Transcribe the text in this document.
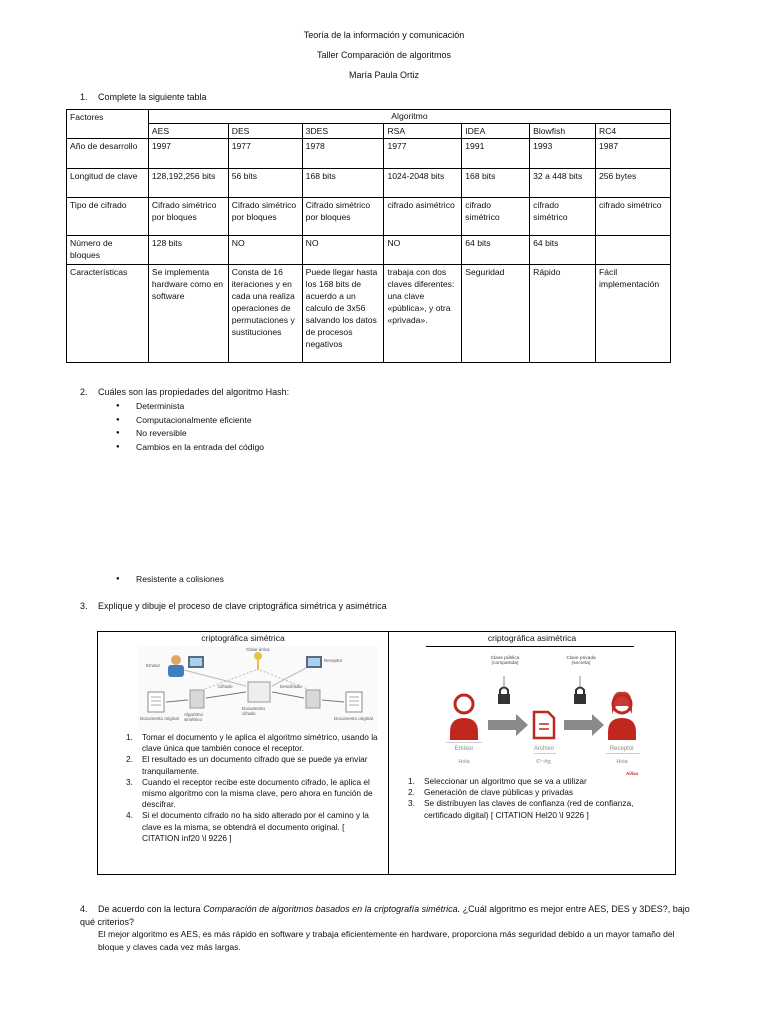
Teoría de la información y comunicación
Taller Comparación de algoritmos
María Paula Ortiz
1. Complete la siguiente tabla
Factores	Algoritmo						
	AES	DES	3DES	RSA	IDEA	Blowfish	RC4
Año de desarrollo	1997	1977	1978	1977	1991	1993	1987
Longitud de clave	128,192,256 bits	56 bits	168 bits	1024-2048 bits	168 bits	32 a 448 bits	256 bytes
Tipo de cifrado	Cifrado simétrico por bloques	Cifrado simétrico por bloques	Cifrado simétrico por bloques	cifrado asimétrico	cifrado simétrico	cifrado simétrico	cifrado simétrico
Número de bloques	128 bits	NO	NO	NO	64 bits	64 bits	
Características	Se implementa hardware como en software	Consta de 16 iteraciones y en cada una realiza operaciones de permutaciones y sustituciones	Puede llegar hasta los 168 bits de acuerdo a un calculo de 3x56 salvando los datos de procesos negativos	trabaja con dos claves diferentes: una clave «pública», y otra «privada».	Seguridad	Rápido	Fácil implementación
2. Cuáles son las propiedades del algoritmo Hash:
● Determinista
● Computacionalmente eficiente
● No reversible
● Cambios en la entrada del código
● Resistente a colisiones
3. Explique y dibuje el proceso de clave criptográfica simétrica y asimétrica
criptográfica simétrica	criptográfica asimétrica
Emisor
Receptor
Clave única
Cifrado	Descifrado
Documento original
Algoritmo simétrico
Documento cifrado
Documento original
Clave pública (compartida)
Clave privada (secreta)
Emisor	Archivo	Receptor
Hola	€!~#g;	Hola
Ailisa
1. Tomar el documento y le aplica el algoritmo simétrico, usando la clave única que también conoce el receptor.
2. El resultado es un documento cifrado que se puede ya enviar tranquilamente.
3. Cuando el receptor recibe este documento cifrado, le aplica el mismo algoritmo con la misma clave, pero ahora en función de descifrar.
4. Si el documento cifrado no ha sido alterado por el camino y la clave es la misma, se obtendrá el documento original. [ CITATION inf20 \l 9226 ]
1. Seleccionar un algoritmo que se va a utilizar
2. Generación de clave públicas y privadas
3. Se distribuyen las claves de confianza (red de confianza, certificado digital) [ CITATION Hel20 \l 9226 ]
4. De acuerdo con la lectura Comparación de algoritmos basados en la criptografía simétrica. ¿Cuál algoritmo es mejor entre AES, DES y 3DES?, bajo qué criterios?
El mejor algoritmo es AES, es más rápido en software y trabaja eficientemente en hardware, proporciona más seguridad debido a un mayor tamaño del bloque y claves cada vez más largas.
